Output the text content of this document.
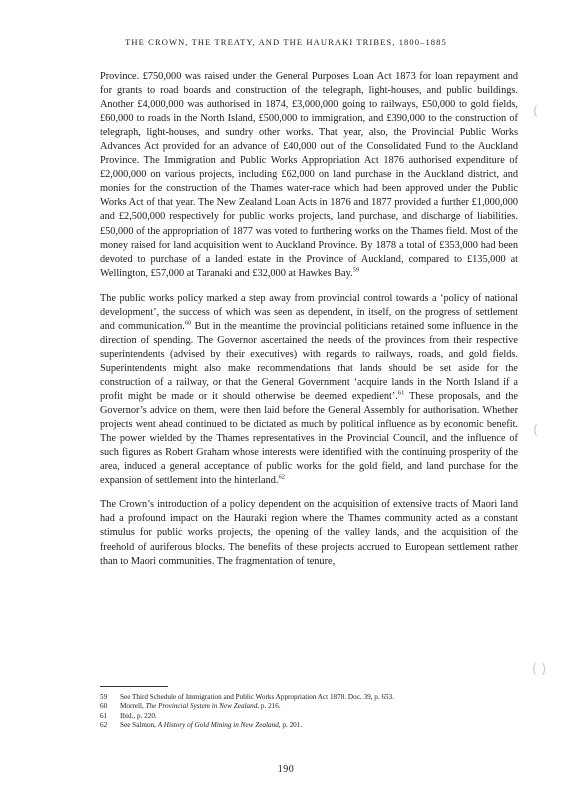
THE CROWN, THE TREATY, AND THE HAURAKI TRIBES, 1800–1885

Province. £750,000 was raised under the General Purposes Loan Act 1873 for loan repayment and for grants to road boards and construction of the telegraph, light-houses, and public buildings. Another £4,000,000 was authorised in 1874, £3,000,000 going to railways, £50,000 to gold fields, £60,000 to roads in the North Island, £500,000 to immigration, and £390,000 to the construction of telegraph, light-houses, and sundry other works. That year, also, the Provincial Public Works Advances Act provided for an advance of £40,000 out of the Consolidated Fund to the Auckland Province. The Immigration and Public Works Appropriation Act 1876 authorised expenditure of £2,000,000 on various projects, including £62,000 on land purchase in the Auckland district, and monies for the construction of the Thames water-race which had been approved under the Public Works Act of that year. The New Zealand Loan Acts in 1876 and 1877 provided a further £1,000,000 and £2,500,000 respectively for public works projects, land purchase, and discharge of liabilities. £50,000 of the appropriation of 1877 was voted to furthering works on the Thames field. Most of the money raised for land acquisition went to Auckland Province. By 1878 a total of £353,000 had been devoted to purchase of a landed estate in the Province of Auckland, compared to £135,000 at Wellington, £57,000 at Taranaki and £32,000 at Hawkes Bay.$^{59}$

The public works policy marked a step away from provincial control towards a ‘policy of national development’, the success of which was seen as dependent, in itself, on the progress of settlement and communication.$^{60}$ But in the meantime the provincial politicians retained some influence in the direction of spending. The Governor ascertained the needs of the provinces from their respective superintendents (advised by their executives) with regards to railways, roads, and gold fields. Superintendents might also make recommendations that lands should be set aside for the construction of a railway, or that the General Government ‘acquire lands in the North Island if a profit might be made or it should otherwise be deemed expedient’.$^{61}$ These proposals, and the Governor’s advice on them, were then laid before the General Assembly for authorisation. Whether projects went ahead continued to be dictated as much by political influence as by economic benefit. The power wielded by the Thames representatives in the Provincial Council, and the influence of such figures as Robert Graham whose interests were identified with the continuing prosperity of the area, induced a general acceptance of public works for the gold field, and land purchase for the expansion of settlement into the hinterland.$^{62}$

The Crown’s introduction of a policy dependent on the acquisition of extensive tracts of Maori land had a profound impact on the Hauraki region where the Thames community acted as a constant stimulus for public works projects, the opening of the valley lands, and the acquisition of the freehold of auriferous blocks. The benefits of these projects accrued to European settlement rather than to Maori communities. The fragmentation of tenure,

59	See Third Schedule of Immigration and Public Works Appropriation Act 1878. Doc. 39, p. 653.
60	Morrell, The Provincial System in New Zealand, p. 216.
61	Ibid., p. 220.
62	See Salmon, A History of Gold Mining in New Zealand, p. 201.
190
(
·
(
( )
